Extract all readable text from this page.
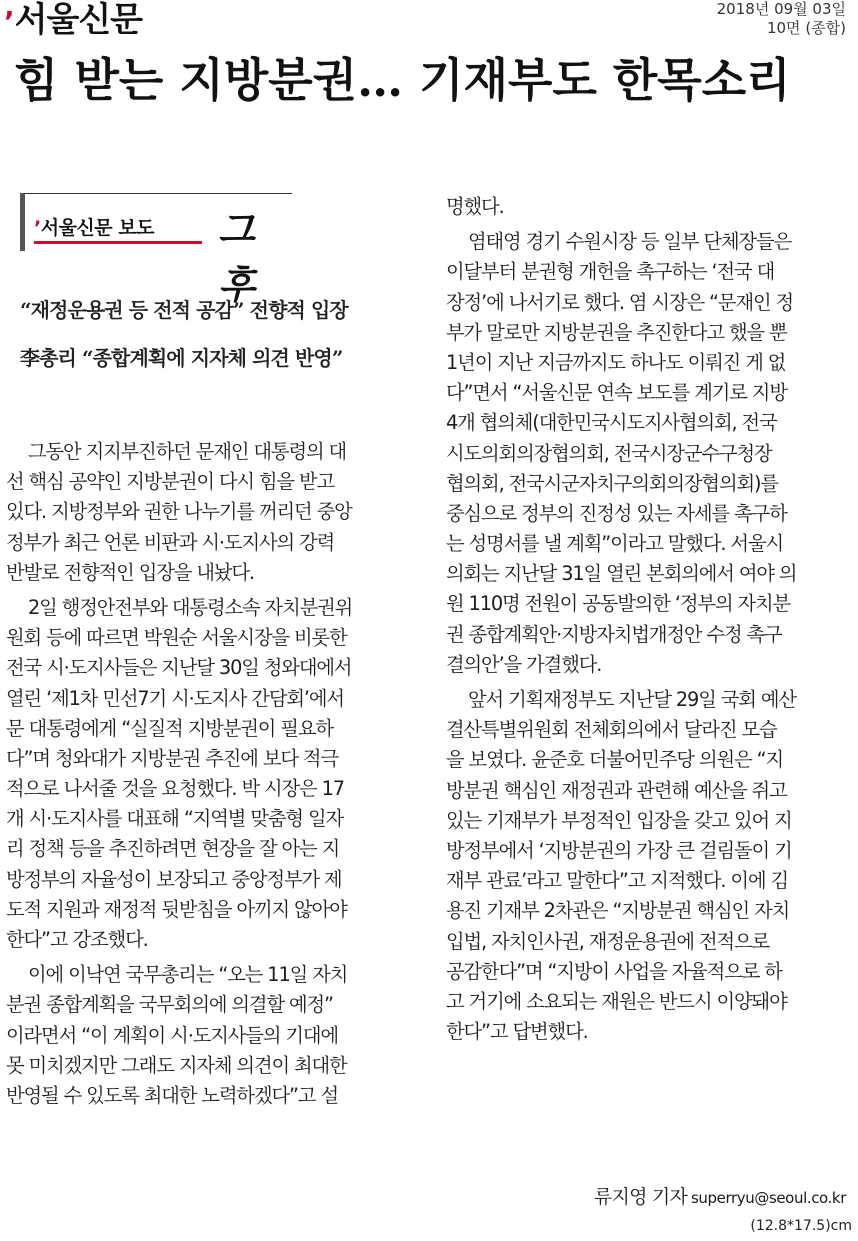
’서울신문	2018년 09월 03일
10면 (종합)
힘 받는 지방분권… 기재부도 한목소리
’서울신문 보도 그후
“재정운용권 등 전적 공감” 전향적 입장
李총리 “종합계획에 지자체 의견 반영”
그동안 지지부진하던 문재인 대통령의 대
선 핵심 공약인 지방분권이 다시 힘을 받고
있다. 지방정부와 권한 나누기를 꺼리던 중앙
정부가 최근 언론 비판과 시·도지사의 강력
반발로 전향적인 입장을 내놨다.
2일 행정안전부와 대통령소속 자치분권위
원회 등에 따르면 박원순 서울시장을 비롯한
전국 시·도지사들은 지난달 30일 청와대에서
열린 ‘제1차 민선7기 시·도지사 간담회’에서
문 대통령에게 “실질적 지방분권이 필요하
다”며 청와대가 지방분권 추진에 보다 적극
적으로 나서줄 것을 요청했다. 박 시장은 17
개 시·도지사를 대표해 “지역별 맞춤형 일자
리 정책 등을 추진하려면 현장을 잘 아는 지
방정부의 자율성이 보장되고 중앙정부가 제
도적 지원과 재정적 뒷받침을 아끼지 않아야
한다”고 강조했다.
이에 이낙연 국무총리는 “오는 11일 자치
분권 종합계획을 국무회의에 의결할 예정”
이라면서 “이 계획이 시·도지사들의 기대에
못 미치겠지만 그래도 지자체 의견이 최대한
반영될 수 있도록 최대한 노력하겠다”고 설
명했다.
염태영 경기 수원시장 등 일부 단체장들은
이달부터 분권형 개헌을 촉구하는 ‘전국 대
장정’에 나서기로 했다. 염 시장은 “문재인 정
부가 말로만 지방분권을 추진한다고 했을 뿐
1년이 지난 지금까지도 하나도 이뤄진 게 없
다”면서 “서울신문 연속 보도를 계기로 지방
4개 협의체(대한민국시도지사협의회, 전국
시도의회의장협의회, 전국시장군수구청장
협의회, 전국시군자치구의회의장협의회)를
중심으로 정부의 진정성 있는 자세를 촉구하
는 성명서를 낼 계획”이라고 말했다. 서울시
의회는 지난달 31일 열린 본회의에서 여야 의
원 110명 전원이 공동발의한 ‘정부의 자치분
권 종합계획안·지방자치법개정안 수정 촉구
결의안’을 가결했다.
앞서 기획재정부도 지난달 29일 국회 예산
결산특별위원회 전체회의에서 달라진 모습
을 보였다. 윤준호 더불어민주당 의원은 “지
방분권 핵심인 재정권과 관련해 예산을 쥐고
있는 기재부가 부정적인 입장을 갖고 있어 지
방정부에서 ‘지방분권의 가장 큰 걸림돌이 기
재부 관료’라고 말한다”고 지적했다. 이에 김
용진 기재부 2차관은 “지방분권 핵심인 자치
입법, 자치인사권, 재정운용권에 전적으로
공감한다”며 “지방이 사업을 자율적으로 하
고 거기에 소요되는 재원은 반드시 이양돼야
한다”고 답변했다.
류지영 기자 superryu@seoul.co.kr
(12.8*17.5)cm
